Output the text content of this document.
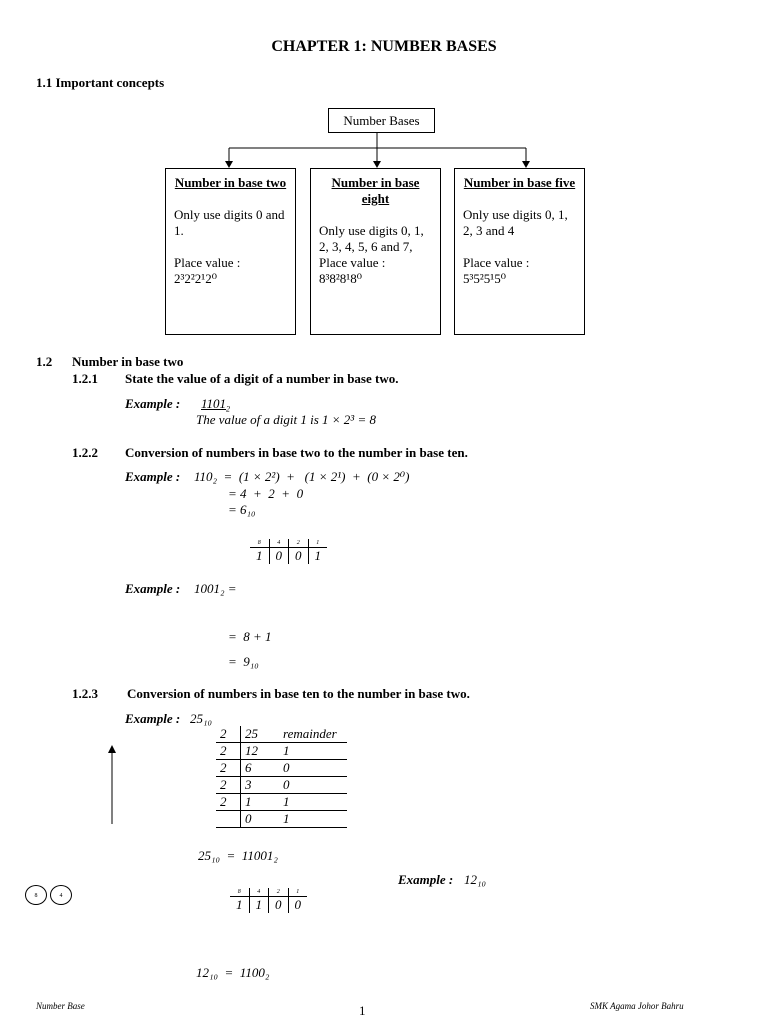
CHAPTER 1: NUMBER BASES
1.1 Important concepts
Number Bases
Number in base two
Only use digits 0 and 1.
Place value :
2³2²2¹2⁰
Number in base eight
Only use digits 0, 1, 2, 3, 4, 5, 6 and 7,
Place value :
8³8²8¹8⁰
Number in base five
Only use digits 0, 1, 2, 3 and 4
Place value :
5³5²5¹5⁰
1.2 Number in base two
1.2.1 State the value of a digit of a number in base two.
Example : $1101_2$
The value of a digit 1 is 1 × 2³ = 8
1.2.2 Conversion of numbers in base two to the number in base ten.
Example : 110₂  =  (1 × 2²)  +   (1 × 2¹)  +  (0 × 2⁰)
= 4  +  2  +  0
= 6₁₀
8	4	2	1
1	0	0	1
Example : 1001₂ =
=  8 + 1
=  9₁₀
1.2.3 Conversion of numbers in base ten to the number in base two.
Example : 25₁₀
2	25	remainder
2	12	1
2	6	0
2	3	0
2	1	1
	0	1
25₁₀  =  11001₂
8	4
8	4	2	1
1	1	0	0
Example : 12₁₀
12₁₀  =  1100₂
Number Base	1	SMK Agama Johor Bahru
